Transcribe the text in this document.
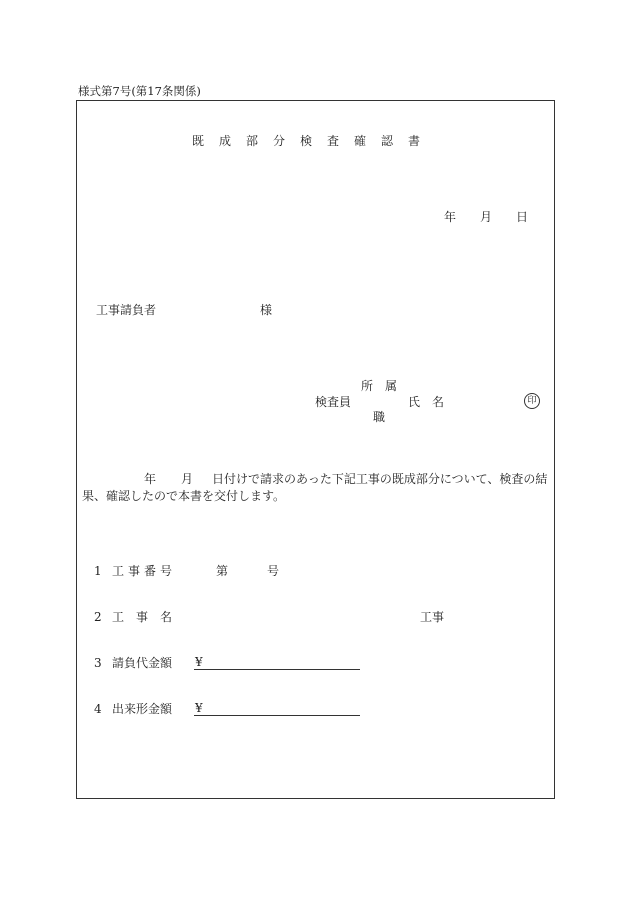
様式第7号(第17条関係)
既成部分検査確認書
年 月 日
工事請負者	様
所　属
検査員	氏　名
職
印
年 月 日付けで請求のあった下記工事の既成部分について、検査の結
果、確認したので本書を交付します。
1 工事番号	第	号
2 工　事　名	工事
3 請負代金額 ¥
4 出来形金額 ¥
